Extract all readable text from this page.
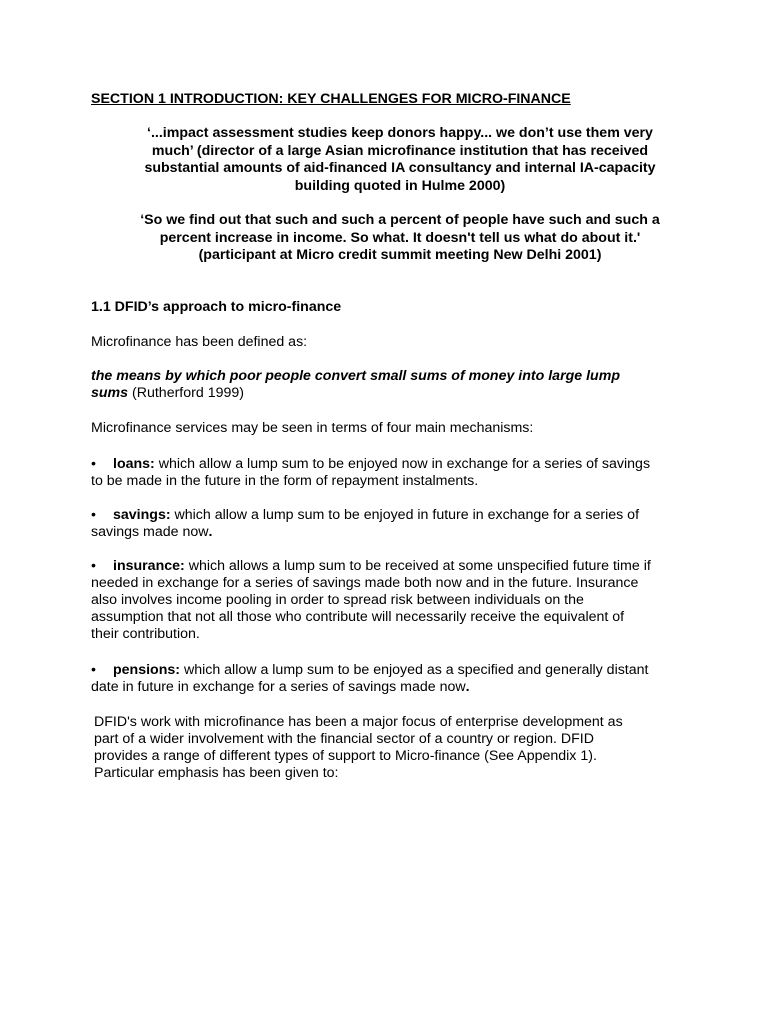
SECTION 1 INTRODUCTION: KEY CHALLENGES FOR MICRO-FINANCE
‘...impact assessment studies keep donors happy... we don’t use them very
much’ (director of a large Asian microfinance institution that has received
substantial amounts of aid-financed IA consultancy and internal IA-capacity
building quoted in Hulme 2000)
‘So we find out that such and such a percent of people have such and such a
percent increase in income. So what. It doesn't tell us what do about it.'
(participant at Micro credit summit meeting New Delhi 2001)
1.1 DFID’s approach to micro-finance
Microfinance has been defined as:
the means by which poor people convert small sums of money into large lump
sums (Rutherford 1999)
Microfinance services may be seen in terms of four main mechanisms:
• loans: which allow a lump sum to be enjoyed now in exchange for a series of savings
to be made in the future in the form of repayment instalments.
• savings: which allow a lump sum to be enjoyed in future in exchange for a series of
savings made now.
• insurance: which allows a lump sum to be received at some unspecified future time if
needed in exchange for a series of savings made both now and in the future. Insurance
also involves income pooling in order to spread risk between individuals on the
assumption that not all those who contribute will necessarily receive the equivalent of
their contribution.
• pensions: which allow a lump sum to be enjoyed as a specified and generally distant
date in future in exchange for a series of savings made now.
DFID's work with microfinance has been a major focus of enterprise development as
part of a wider involvement with the financial sector of a country or region. DFID
provides a range of different types of support to Micro-finance (See Appendix 1).
Particular emphasis has been given to:
